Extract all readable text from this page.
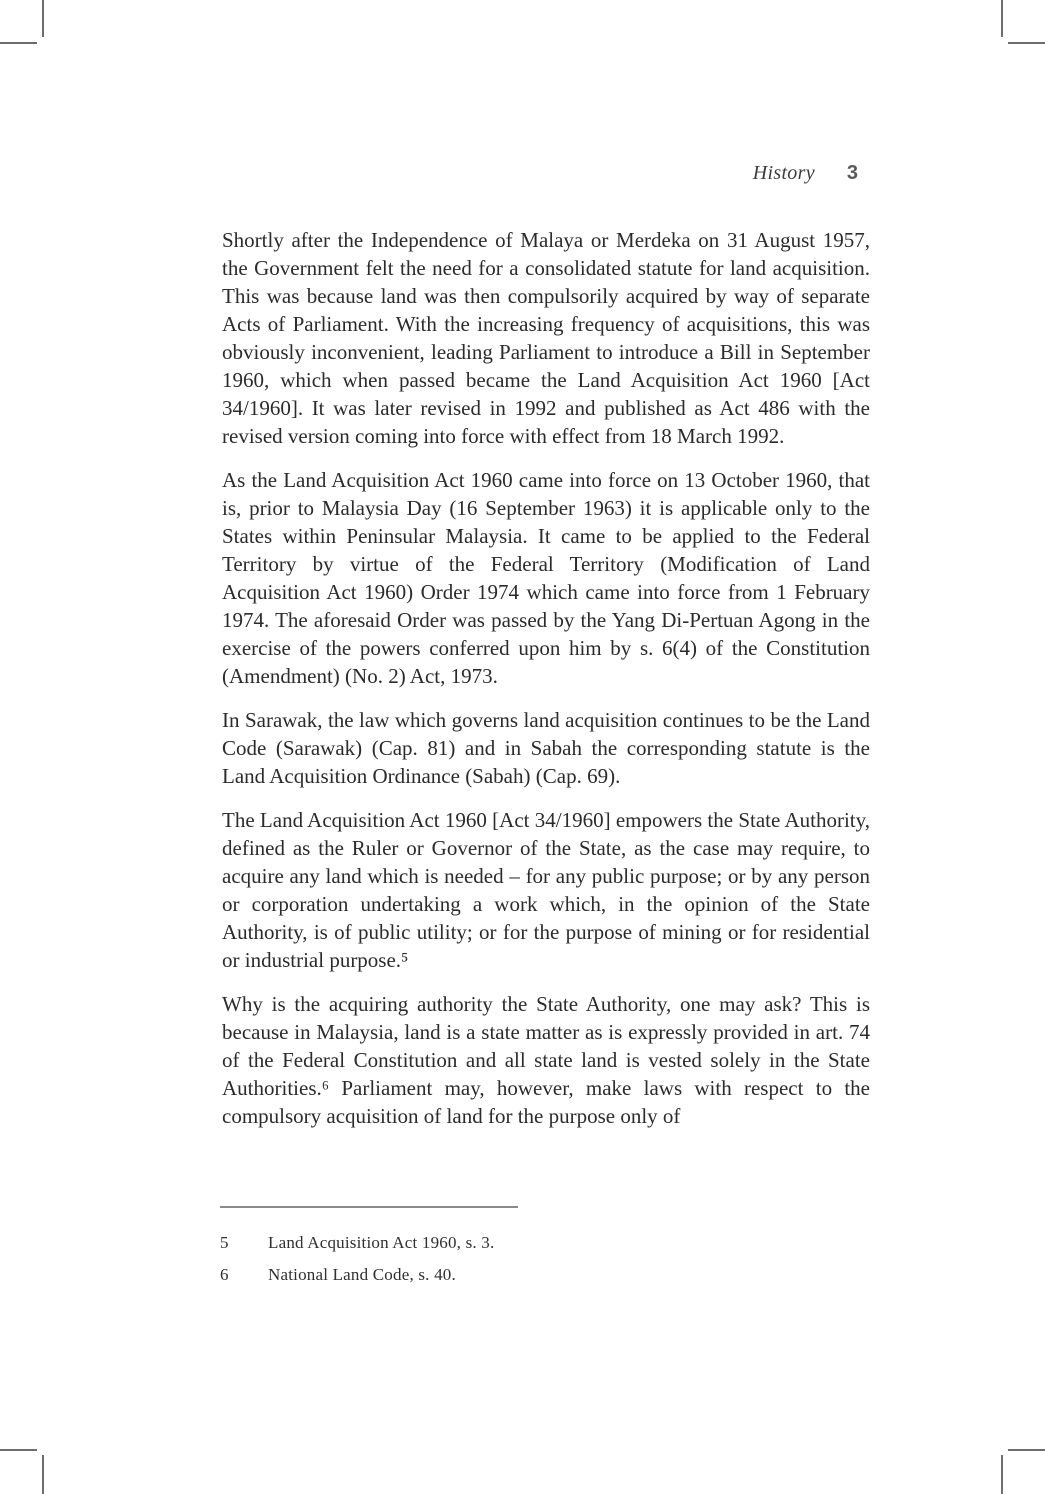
History 3

Shortly after the Independence of Malaya or Merdeka on 31 August 1957, the Government felt the need for a consolidated statute for land acquisition. This was because land was then compulsorily acquired by way of separate Acts of Parliament. With the increasing frequency of acquisitions, this was obviously inconvenient, leading Parliament to introduce a Bill in September 1960, which when passed became the Land Acquisition Act 1960 [Act 34/1960]. It was later revised in 1992 and published as Act 486 with the revised version coming into force with effect from 18 March 1992.

As the Land Acquisition Act 1960 came into force on 13 October 1960, that is, prior to Malaysia Day (16 September 1963) it is applicable only to the States within Peninsular Malaysia. It came to be applied to the Federal Territory by virtue of the Federal Territory (Modification of Land Acquisition Act 1960) Order 1974 which came into force from 1 February 1974. The aforesaid Order was passed by the Yang Di-Pertuan Agong in the exercise of the powers conferred upon him by s. 6(4) of the Constitution (Amendment) (No. 2) Act, 1973.

In Sarawak, the law which governs land acquisition continues to be the Land Code (Sarawak) (Cap. 81) and in Sabah the corresponding statute is the Land Acquisition Ordinance (Sabah) (Cap. 69).

The Land Acquisition Act 1960 [Act 34/1960] empowers the State Authority, defined as the Ruler or Governor of the State, as the case may require, to acquire any land which is needed – for any public purpose; or by any person or corporation undertaking a work which, in the opinion of the State Authority, is of public utility; or for the purpose of mining or for residential or industrial purpose.⁵

Why is the acquiring authority the State Authority, one may ask? This is because in Malaysia, land is a state matter as is expressly provided in art. 74 of the Federal Constitution and all state land is vested solely in the State Authorities.⁶ Parliament may, however, make laws with respect to the compulsory acquisition of land for the purpose only of

5	Land Acquisition Act 1960, s. 3.
6	National Land Code, s. 40.
